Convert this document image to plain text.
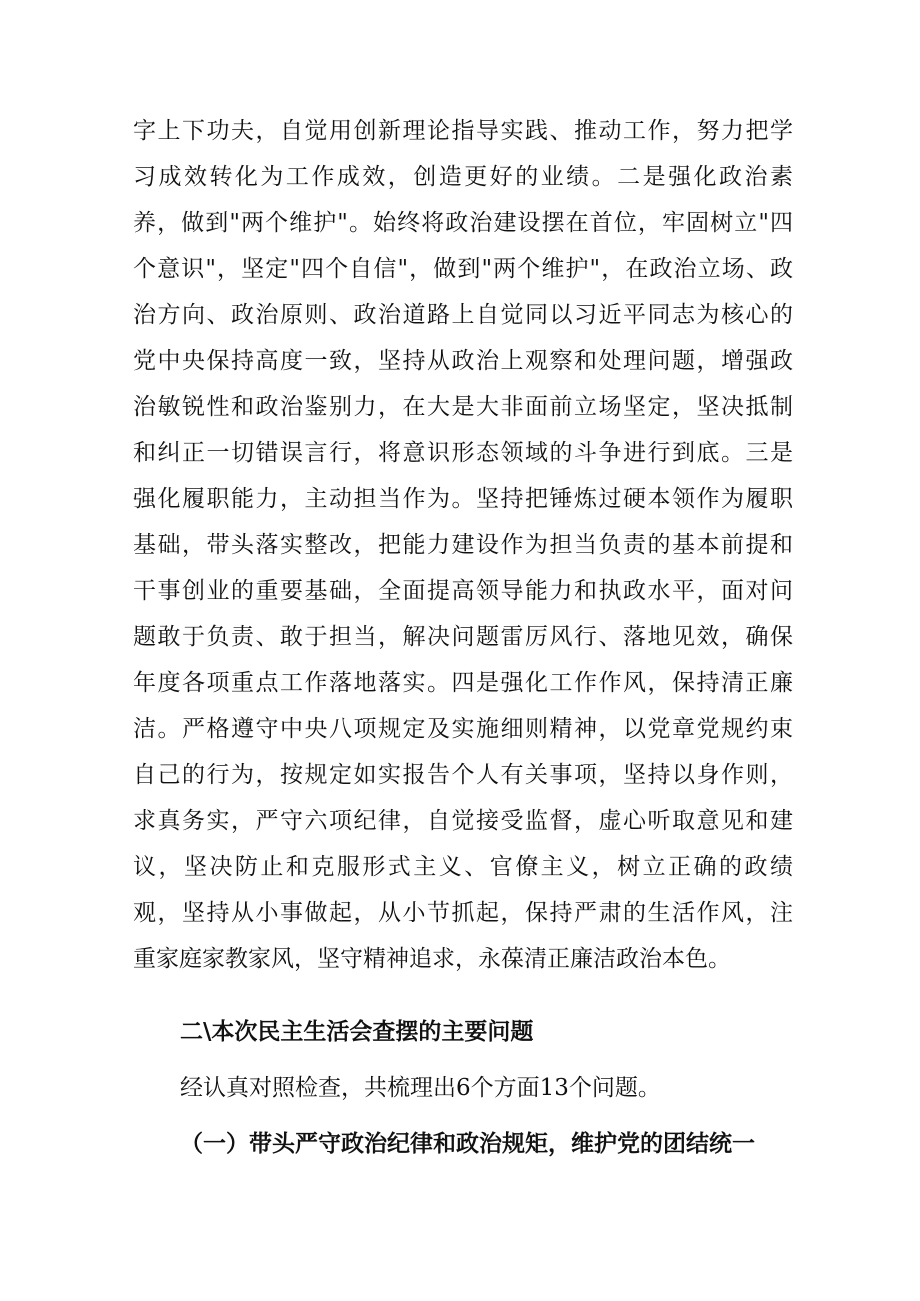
字上下功夫，自觉用创新理论指导实践、推动工作，努力把学
习成效转化为工作成效，创造更好的业绩。二是强化政治素
养，做到"两个维护"。始终将政治建设摆在首位，牢固树立"四
个意识"，坚定"四个自信"，做到"两个维护"，在政治立场、政
治方向、政治原则、政治道路上自觉同以习近平同志为核心的
党中央保持高度一致，坚持从政治上观察和处理问题，增强政
治敏锐性和政治鉴别力，在大是大非面前立场坚定，坚决抵制
和纠正一切错误言行，将意识形态领域的斗争进行到底。三是
强化履职能力，主动担当作为。坚持把锤炼过硬本领作为履职
基础，带头落实整改，把能力建设作为担当负责的基本前提和
干事创业的重要基础，全面提高领导能力和执政水平，面对问
题敢于负责、敢于担当，解决问题雷厉风行、落地见效，确保
年度各项重点工作落地落实。四是强化工作作风，保持清正廉
洁。严格遵守中央八项规定及实施细则精神，以党章党规约束
自己的行为，按规定如实报告个人有关事项，坚持以身作则，
求真务实，严守六项纪律，自觉接受监督，虚心听取意见和建
议，坚决防止和克服形式主义、官僚主义，树立正确的政绩
观，坚持从小事做起，从小节抓起，保持严肃的生活作风，注
重家庭家教家风，坚守精神追求，永葆清正廉洁政治本色。
二\本次民主生活会查摆的主要问题
经认真对照检查，共梳理出6个方面13个问题。
（一）带头严守政治纪律和政治规矩，维护党的团结统一
